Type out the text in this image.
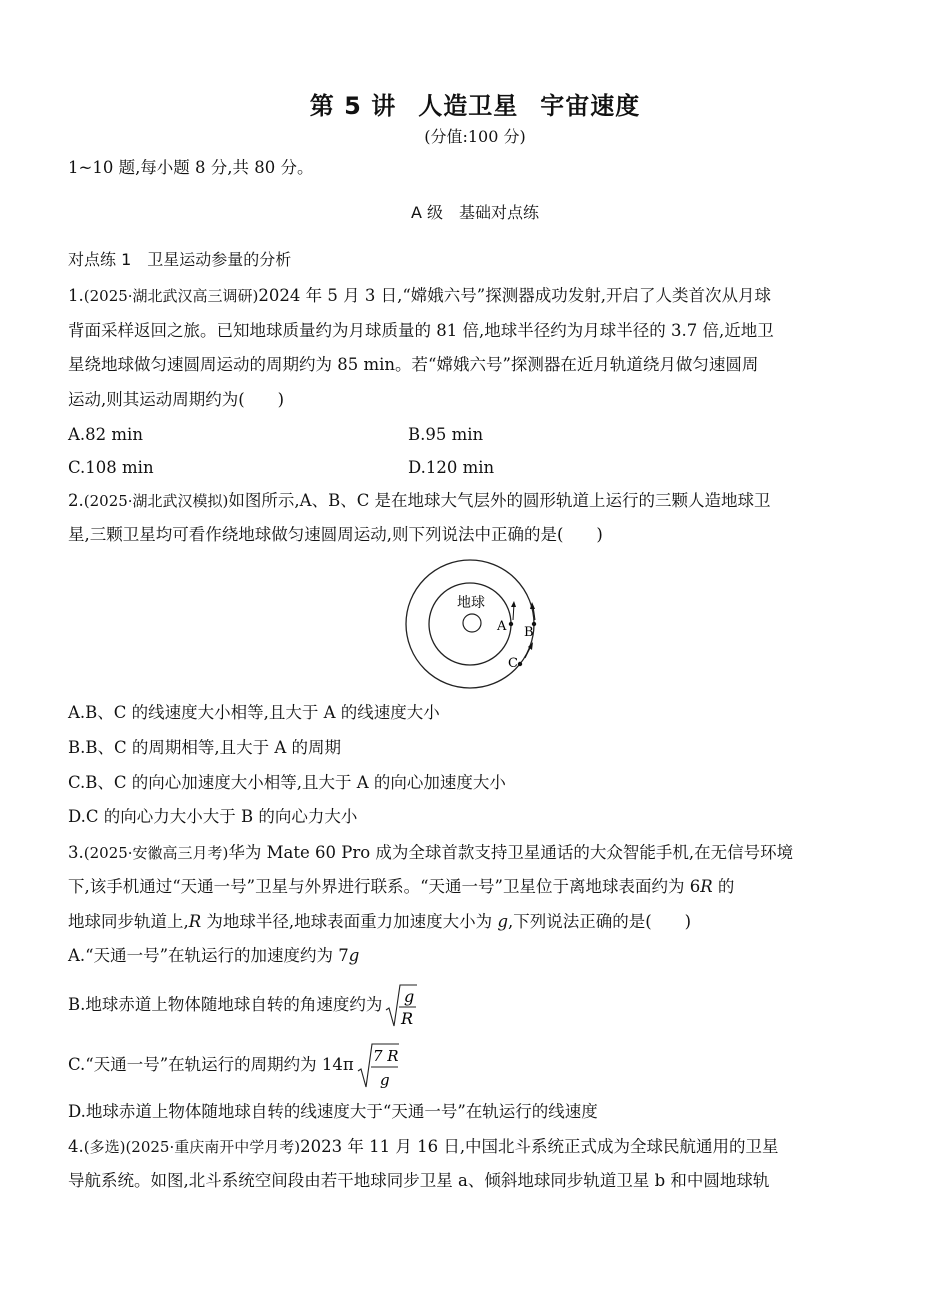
第 5 讲 人造卫星 宇宙速度
(分值:100 分)
1~10 题,每小题 8 分,共 80 分。
A 级　基础对点练
对点练 1　卫星运动参量的分析
1.(2025·湖北武汉高三调研)2024 年 5 月 3 日,“嫦娥六号”探测器成功发射,开启了人类首次从月球
背面采样返回之旅。已知地球质量约为月球质量的 81 倍,地球半径约为月球半径的 3.7 倍,近地卫
星绕地球做匀速圆周运动的周期约为 85 min。若“嫦娥六号”探测器在近月轨道绕月做匀速圆周
运动,则其运动周期约为(　　)
A.82 min	B.95 min
C.108 min	D.120 min
2.(2025·湖北武汉模拟)如图所示,A、B、C 是在地球大气层外的圆形轨道上运行的三颗人造地球卫
星,三颗卫星均可看作绕地球做匀速圆周运动,则下列说法中正确的是(　　)
地球
A B
C
A.B、C 的线速度大小相等,且大于 A 的线速度大小
B.B、C 的周期相等,且大于 A 的周期
C.B、C 的向心加速度大小相等,且大于 A 的向心加速度大小
D.C 的向心力大小大于 B 的向心力大小
3.(2025·安徽高三月考)华为 Mate 60 Pro 成为全球首款支持卫星通话的大众智能手机,在无信号环境
下,该手机通过“天通一号”卫星与外界进行联系。“天通一号”卫星位于离地球表面约为 6R 的
地球同步轨道上,R 为地球半径,地球表面重力加速度大小为 g,下列说法正确的是(　　)
A.“天通一号”在轨运行的加速度约为 7g
B.地球赤道上物体随地球自转的角速度约为 g
R
C.“天通一号”在轨运行的周期约为 14π 7 R
g
D.地球赤道上物体随地球自转的线速度大于“天通一号”在轨运行的线速度
4.(多选)(2025·重庆南开中学月考)2023 年 11 月 16 日,中国北斗系统正式成为全球民航通用的卫星
导航系统。如图,北斗系统空间段由若干地球同步卫星 a、倾斜地球同步轨道卫星 b 和中圆地球轨
